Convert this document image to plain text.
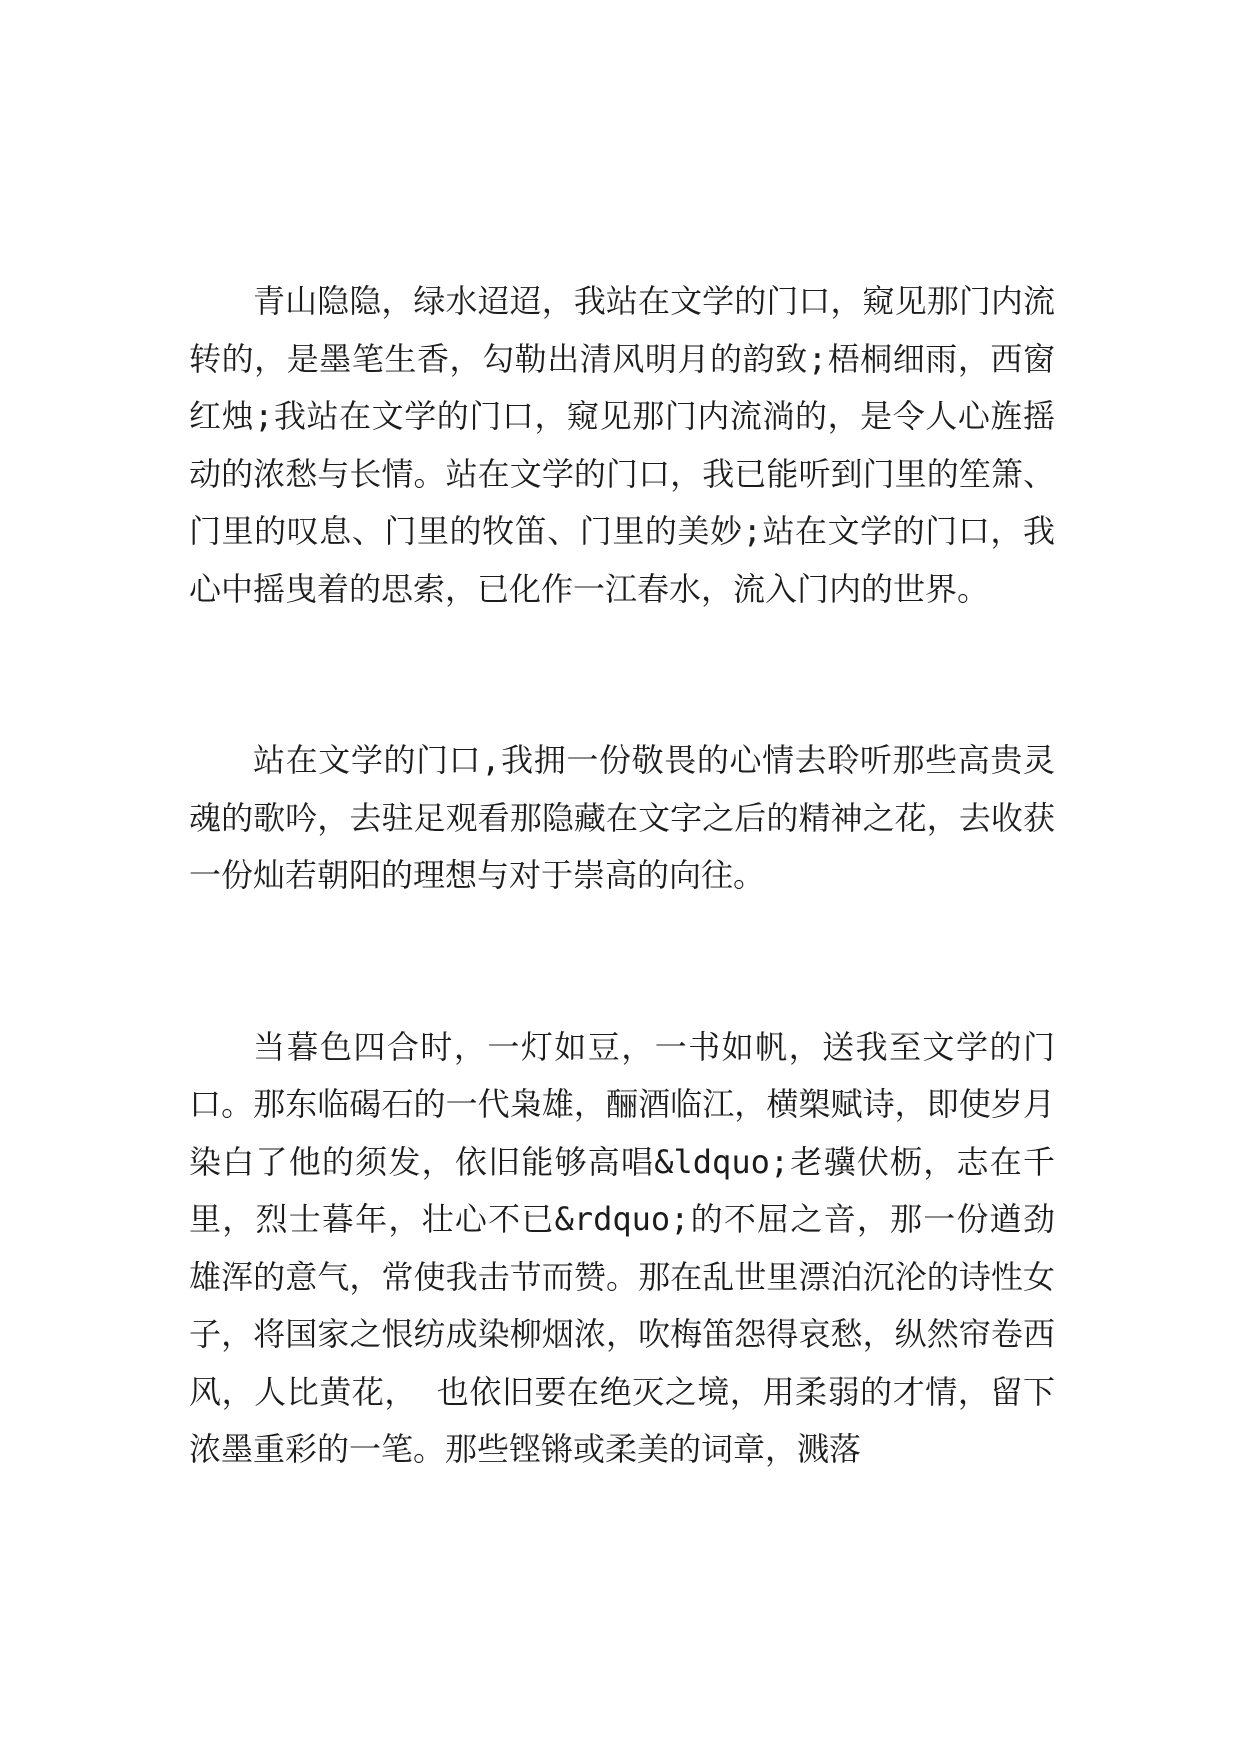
青山隐隐，绿水迢迢，我站在文学的门口，窥见那门内流转的，是墨笔生香，勾勒出清风明月的韵致;梧桐细雨，西窗红烛;我站在文学的门口，窥见那门内流淌的，是令人心旌摇动的浓愁与长情。站在文学的门口，我已能听到门里的笙箫、门里的叹息、门里的牧笛、门里的美妙;站在文学的门口，我心中摇曳着的思索，已化作一江春水，流入门内的世界。

站在文学的门口,我拥一份敬畏的心情去聆听那些高贵灵魂的歌吟，去驻足观看那隐藏在文字之后的精神之花，去收获一份灿若朝阳的理想与对于崇高的向往。

当暮色四合时，一灯如豆，一书如帆，送我至文学的门口。那东临碣石的一代枭雄，酾酒临江，横槊赋诗，即使岁月染白了他的须发，依旧能够高唱&ldquo;老骥伏枥，志在千里，烈士暮年，壮心不已&rdquo;的不屈之音，那一份遒劲雄浑的意气，常使我击节而赞。那在乱世里漂泊沉沦的诗性女子，将国家之恨纺成染柳烟浓，吹梅笛怨得哀愁，纵然帘卷西风，人比黄花， 也依旧要在绝灭之境，用柔弱的才情，留下浓墨重彩的一笔。那些铿锵或柔美的词章，溅落
